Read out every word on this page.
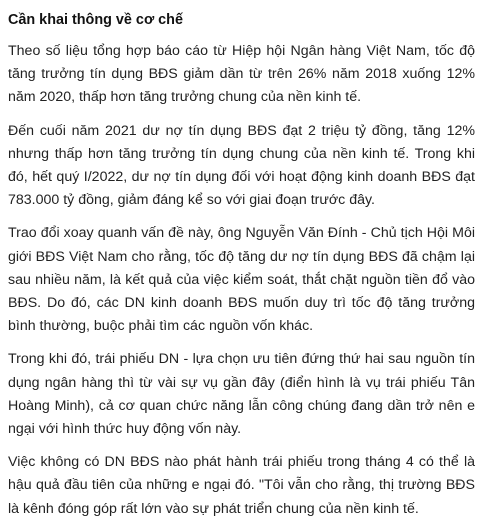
Cần khai thông về cơ chế

Theo số liệu tổng hợp báo cáo từ Hiệp hội Ngân hàng Việt Nam, tốc độ tăng trưởng tín dụng BĐS giảm dần từ trên 26% năm 2018 xuống 12% năm 2020, thấp hơn tăng trưởng chung của nền kinh tế.

Đến cuối năm 2021 dư nợ tín dụng BĐS đạt 2 triệu tỷ đồng, tăng 12% nhưng thấp hơn tăng trưởng tín dụng chung của nền kinh tế. Trong khi đó, hết quý I/2022, dư nợ tín dụng đối với hoạt động kinh doanh BĐS đạt 783.000 tỷ đồng, giảm đáng kể so với giai đoạn trước đây.

Trao đổi xoay quanh vấn đề này, ông Nguyễn Văn Đính - Chủ tịch Hội Môi giới BĐS Việt Nam cho rằng, tốc độ tăng dư nợ tín dụng BĐS đã chậm lại sau nhiều năm, là kết quả của việc kiểm soát, thắt chặt nguồn tiền đổ vào BĐS. Do đó, các DN kinh doanh BĐS muốn duy trì tốc độ tăng trưởng bình thường, buộc phải tìm các nguồn vốn khác.

Trong khi đó, trái phiếu DN - lựa chọn ưu tiên đứng thứ hai sau nguồn tín dụng ngân hàng thì từ vài sự vụ gần đây (điển hình là vụ trái phiếu Tân Hoàng Minh), cả cơ quan chức năng lẫn công chúng đang dần trở nên e ngại với hình thức huy động vốn này.

Việc không có DN BĐS nào phát hành trái phiếu trong tháng 4 có thể là hậu quả đầu tiên của những e ngại đó. "Tôi vẫn cho rằng, thị trường BĐS là kênh đóng góp rất lớn vào sự phát triển chung của nền kinh tế.
